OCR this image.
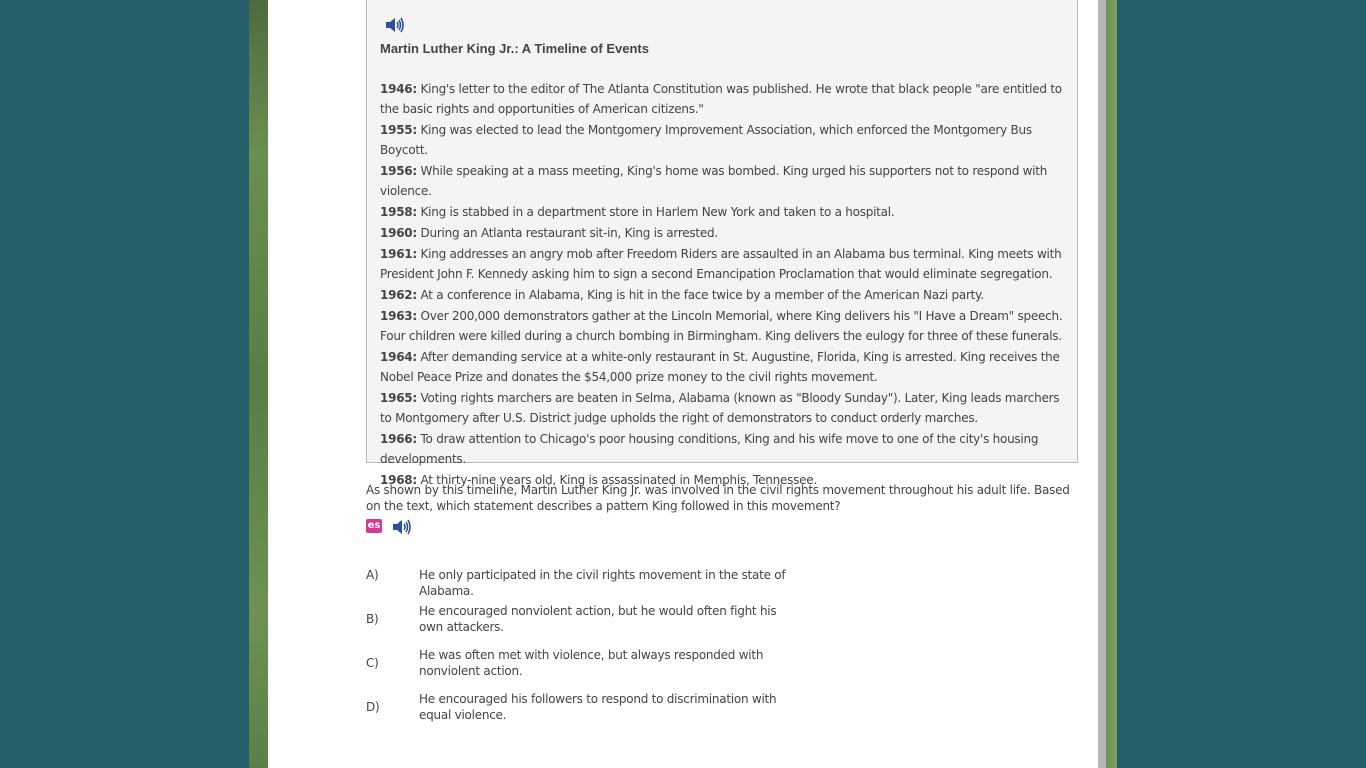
Martin Luther King Jr.: A Timeline of Events
1946: King's letter to the editor of The Atlanta Constitution was published. He wrote that black people "are entitled to the basic rights and opportunities of American citizens."
1955: King was elected to lead the Montgomery Improvement Association, which enforced the Montgomery Bus Boycott.
1956: While speaking at a mass meeting, King's home was bombed. King urged his supporters not to respond with violence.
1958: King is stabbed in a department store in Harlem New York and taken to a hospital.
1960: During an Atlanta restaurant sit-in, King is arrested.
1961: King addresses an angry mob after Freedom Riders are assaulted in an Alabama bus terminal. King meets with President John F. Kennedy asking him to sign a second Emancipation Proclamation that would eliminate segregation.
1962: At a conference in Alabama, King is hit in the face twice by a member of the American Nazi party.
1963: Over 200,000 demonstrators gather at the Lincoln Memorial, where King delivers his "I Have a Dream" speech. Four children were killed during a church bombing in Birmingham. King delivers the eulogy for three of these funerals.
1964: After demanding service at a white-only restaurant in St. Augustine, Florida, King is arrested. King receives the Nobel Peace Prize and donates the $54,000 prize money to the civil rights movement.
1965: Voting rights marchers are beaten in Selma, Alabama (known as "Bloody Sunday"). Later, King leads marchers to Montgomery after U.S. District judge upholds the right of demonstrators to conduct orderly marches.
1966: To draw attention to Chicago's poor housing conditions, King and his wife move to one of the city's housing developments.
1968: At thirty-nine years old, King is assassinated in Memphis, Tennessee.
As shown by this timeline, Martin Luther King Jr. was involved in the civil rights movement throughout his adult life. Based on the text, which statement describes a pattern King followed in this movement?
es
A)	He only participated in the civil rights movement in the state of Alabama.
B)
He encouraged nonviolent action, but he would often fight his own attackers.
C)
He was often met with violence, but always responded with nonviolent action.
D)
He encouraged his followers to respond to discrimination with equal violence.
